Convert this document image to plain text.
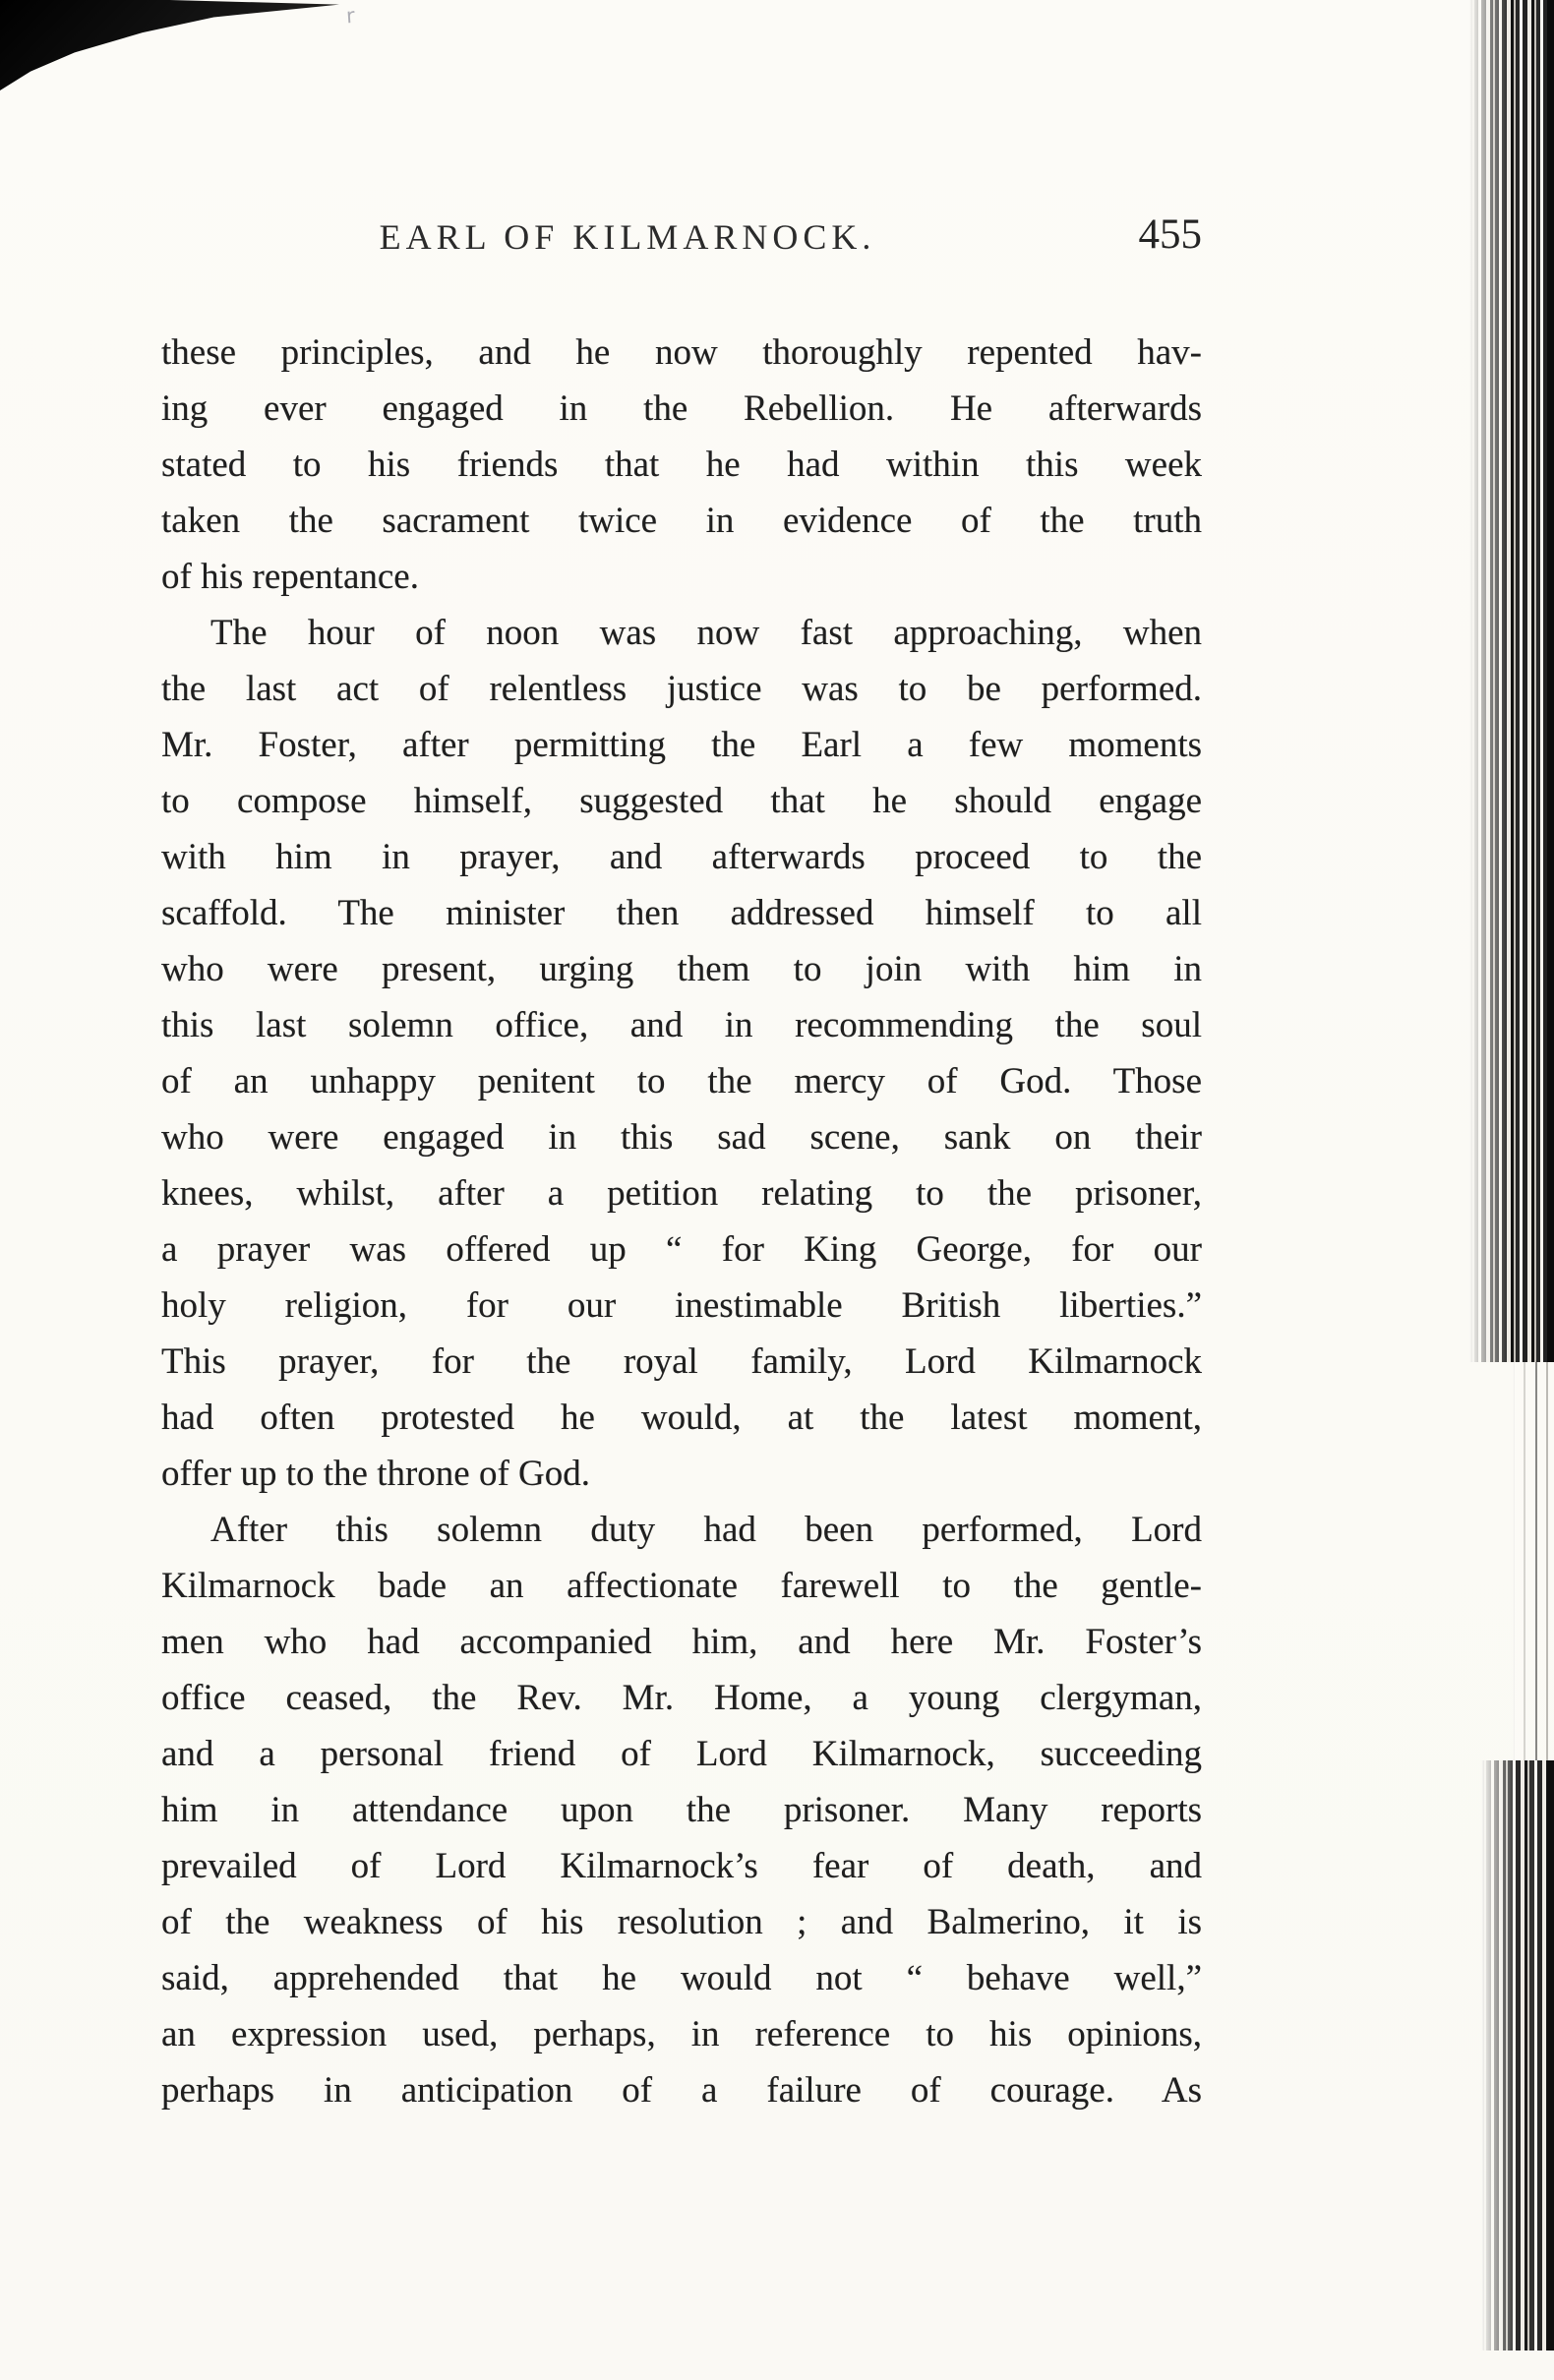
r
EARL OF KILMARNOCK.	455

these principles, and he now thoroughly repented hav-
ing ever engaged in the Rebellion. He afterwards
stated to his friends that he had within this week
taken the sacrament twice in evidence of the truth
of his repentance.

The hour of noon was now fast approaching, when
the last act of relentless justice was to be performed.
Mr. Foster, after permitting the Earl a few moments
to compose himself, suggested that he should engage
with him in prayer, and afterwards proceed to the
scaffold. The minister then addressed himself to all
who were present, urging them to join with him in
this last solemn office, and in recommending the soul
of an unhappy penitent to the mercy of God. Those
who were engaged in this sad scene, sank on their
knees, whilst, after a petition relating to the prisoner,
a prayer was offered up “ for King George, for our
holy religion, for our inestimable British liberties.”
This prayer, for the royal family, Lord Kilmarnock
had often protested he would, at the latest moment,
offer up to the throne of God.

After this solemn duty had been performed, Lord
Kilmarnock bade an affectionate farewell to the gentle-
men who had accompanied him, and here Mr. Foster’s
office ceased, the Rev. Mr. Home, a young clergyman,
and a personal friend of Lord Kilmarnock, succeeding
him in attendance upon the prisoner. Many reports
prevailed of Lord Kilmarnock’s fear of death, and
of the weakness of his resolution ; and Balmerino, it is
said, apprehended that he would not “ behave well,”
an expression used, perhaps, in reference to his opinions,
perhaps in anticipation of a failure of courage. As
